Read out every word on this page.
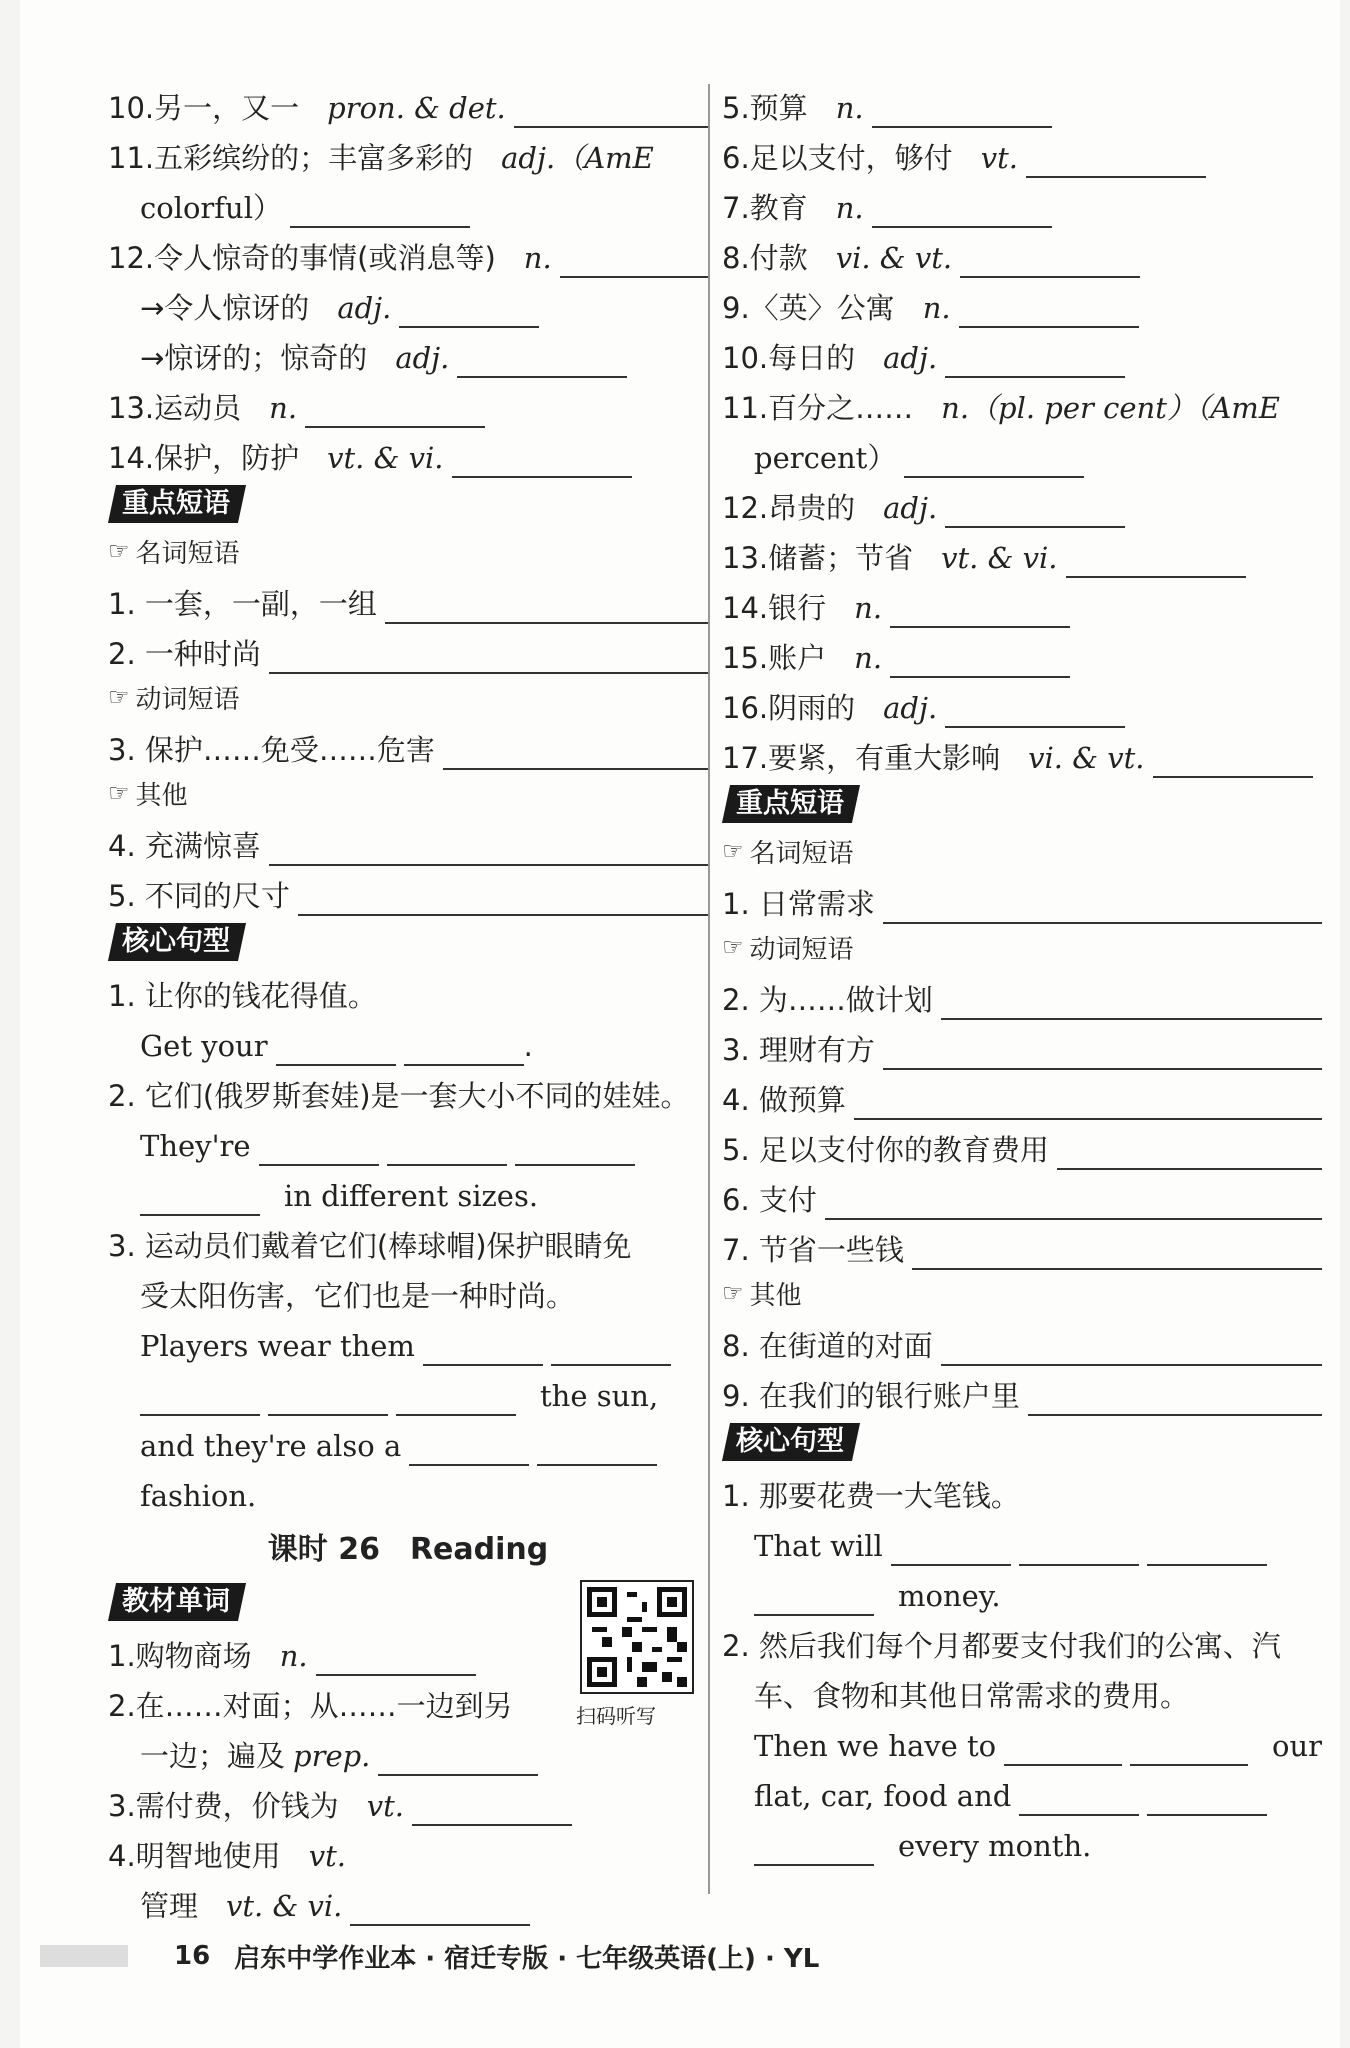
10. 另一，又一 pron. & det.
11. 五彩缤纷的；丰富多彩的 adj.（AmE
colorful）
12. 令人惊奇的事情(或消息等) n.
→令人惊讶的 adj.
→惊讶的；惊奇的 adj.
13. 运动员 n.
14. 保护，防护 vt. & vi.
重点短语
☞ 名词短语
1. 一套，一副，一组
2. 一种时尚
☞ 动词短语
3. 保护……免受……危害
☞ 其他
4. 充满惊喜
5. 不同的尺寸
核心句型
1. 让你的钱花得值。
Get your	.
2. 它们(俄罗斯套娃)是一套大小不同的娃娃。
They're
in different sizes.
3. 运动员们戴着它们(棒球帽)保护眼睛免
受太阳伤害，它们也是一种时尚。
Players wear them
the sun,
and they're also a
fashion.
课时 26　Reading
教材单词
1. 购物商场 n.
2. 在……对面；从……一边到另
一边；遍及 prep.
3. 需付费，价钱为 vt.
4. 明智地使用 vt.
管理 vt. & vi.
扫码听写
5. 预算 n.
6. 足以支付，够付 vt.
7. 教育 n.
8. 付款 vi. & vt.
9. 〈英〉公寓 n.
10. 每日的 adj.
11. 百分之…… n.（pl. per cent）（AmE
percent）
12. 昂贵的 adj.
13. 储蓄；节省 vt. & vi.
14. 银行 n.
15. 账户 n.
16. 阴雨的 adj.
17. 要紧，有重大影响 vi. & vt.
重点短语
☞ 名词短语
1. 日常需求
☞ 动词短语
2. 为……做计划
3. 理财有方
4. 做预算
5. 足以支付你的教育费用
6. 支付
7. 节省一些钱
☞ 其他
8. 在街道的对面
9. 在我们的银行账户里
核心句型
1. 那要花费一大笔钱。
That will
money.
2. 然后我们每个月都要支付我们的公寓、汽
车、食物和其他日常需求的费用。
Then we have to	our
flat, car, food and
every month.
16 启东中学作业本 · 宿迁专版 · 七年级英语(上) · YL
